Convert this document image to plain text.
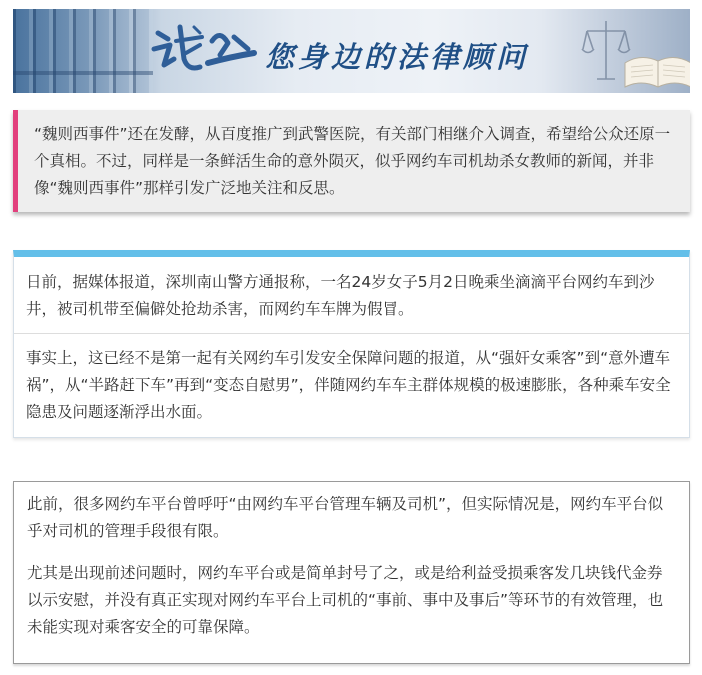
您身边的法律顾问

“魏则西事件”还在发酵，从百度推广到武警医院，有关部门相继介入调查，希望给公众还原一个真相。不过，同样是一条鲜活生命的意外陨灭，似乎网约车司机劫杀女教师的新闻，并非像“魏则西事件”那样引发广泛地关注和反思。

日前，据媒体报道，深圳南山警方通报称，一名24岁女子5月2日晚乘坐滴滴平台网约车到沙井，被司机带至偏僻处抢劫杀害，而网约车车牌为假冒。

事实上，这已经不是第一起有关网约车引发安全保障问题的报道，从“强奸女乘客”到“意外遭车祸”，从“半路赶下车”再到“变态自慰男”，伴随网约车车主群体规模的极速膨胀，各种乘车安全隐患及问题逐渐浮出水面。

此前，很多网约车平台曾呼吁“由网约车平台管理车辆及司机”，但实际情况是，网约车平台似乎对司机的管理手段很有限。

尤其是出现前述问题时，网约车平台或是简单封号了之，或是给利益受损乘客发几块钱代金券以示安慰，并没有真正实现对网约车平台上司机的“事前、事中及事后”等环节的有效管理，也未能实现对乘客安全的可靠保障。
